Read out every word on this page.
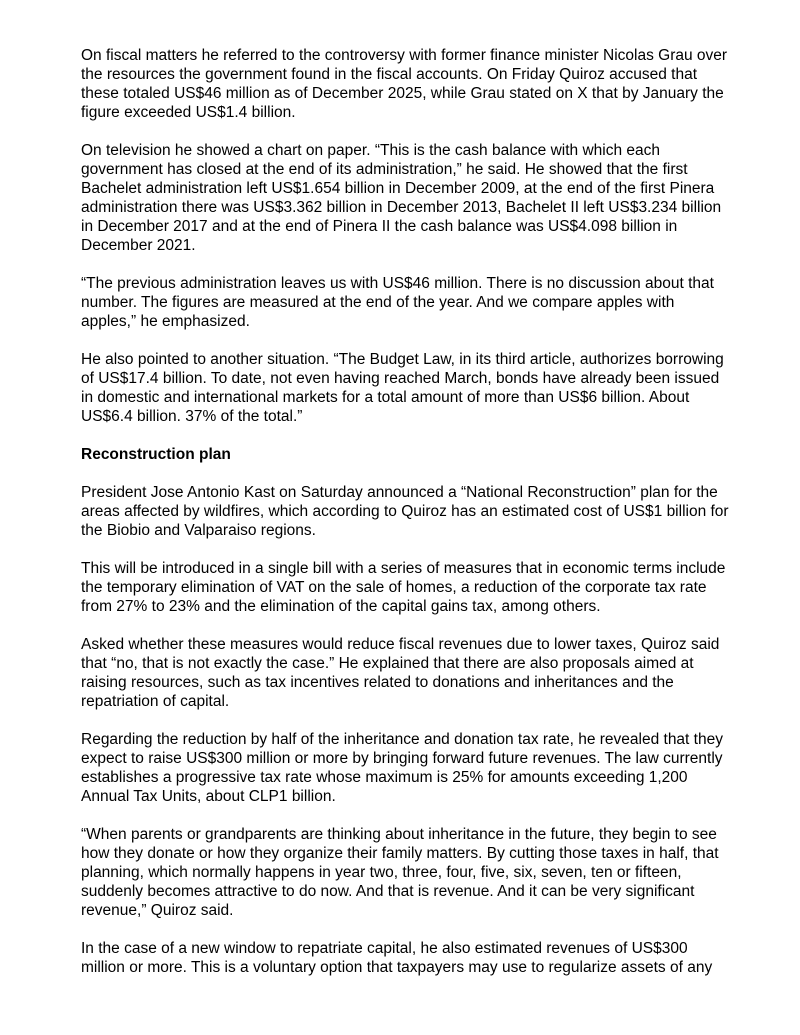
On fiscal matters he referred to the controversy with former finance minister Nicolas Grau over the resources the government found in the fiscal accounts. On Friday Quiroz accused that these totaled US$46 million as of December 2025, while Grau stated on X that by January the figure exceeded US$1.4 billion.

On television he showed a chart on paper. “This is the cash balance with which each government has closed at the end of its administration,” he said. He showed that the first Bachelet administration left US$1.654 billion in December 2009, at the end of the first Pinera administration there was US$3.362 billion in December 2013, Bachelet II left US$3.234 billion in December 2017 and at the end of Pinera II the cash balance was US$4.098 billion in December 2021.

“The previous administration leaves us with US$46 million. There is no discussion about that number. The figures are measured at the end of the year. And we compare apples with apples,” he emphasized.

He also pointed to another situation. “The Budget Law, in its third article, authorizes borrowing of US$17.4 billion. To date, not even having reached March, bonds have already been issued in domestic and international markets for a total amount of more than US$6 billion. About US$6.4 billion. 37% of the total.”

Reconstruction plan

President Jose Antonio Kast on Saturday announced a “National Reconstruction” plan for the areas affected by wildfires, which according to Quiroz has an estimated cost of US$1 billion for the Biobio and Valparaiso regions.

This will be introduced in a single bill with a series of measures that in economic terms include the temporary elimination of VAT on the sale of homes, a reduction of the corporate tax rate from 27% to 23% and the elimination of the capital gains tax, among others.

Asked whether these measures would reduce fiscal revenues due to lower taxes, Quiroz said that “no, that is not exactly the case.” He explained that there are also proposals aimed at raising resources, such as tax incentives related to donations and inheritances and the repatriation of capital.

Regarding the reduction by half of the inheritance and donation tax rate, he revealed that they expect to raise US$300 million or more by bringing forward future revenues. The law currently establishes a progressive tax rate whose maximum is 25% for amounts exceeding 1,200 Annual Tax Units, about CLP1 billion.

“When parents or grandparents are thinking about inheritance in the future, they begin to see how they donate or how they organize their family matters. By cutting those taxes in half, that planning, which normally happens in year two, three, four, five, six, seven, ten or fifteen, suddenly becomes attractive to do now. And that is revenue. And it can be very significant revenue,” Quiroz said.

In the case of a new window to repatriate capital, he also estimated revenues of US$300 million or more. This is a voluntary option that taxpayers may use to regularize assets of any
